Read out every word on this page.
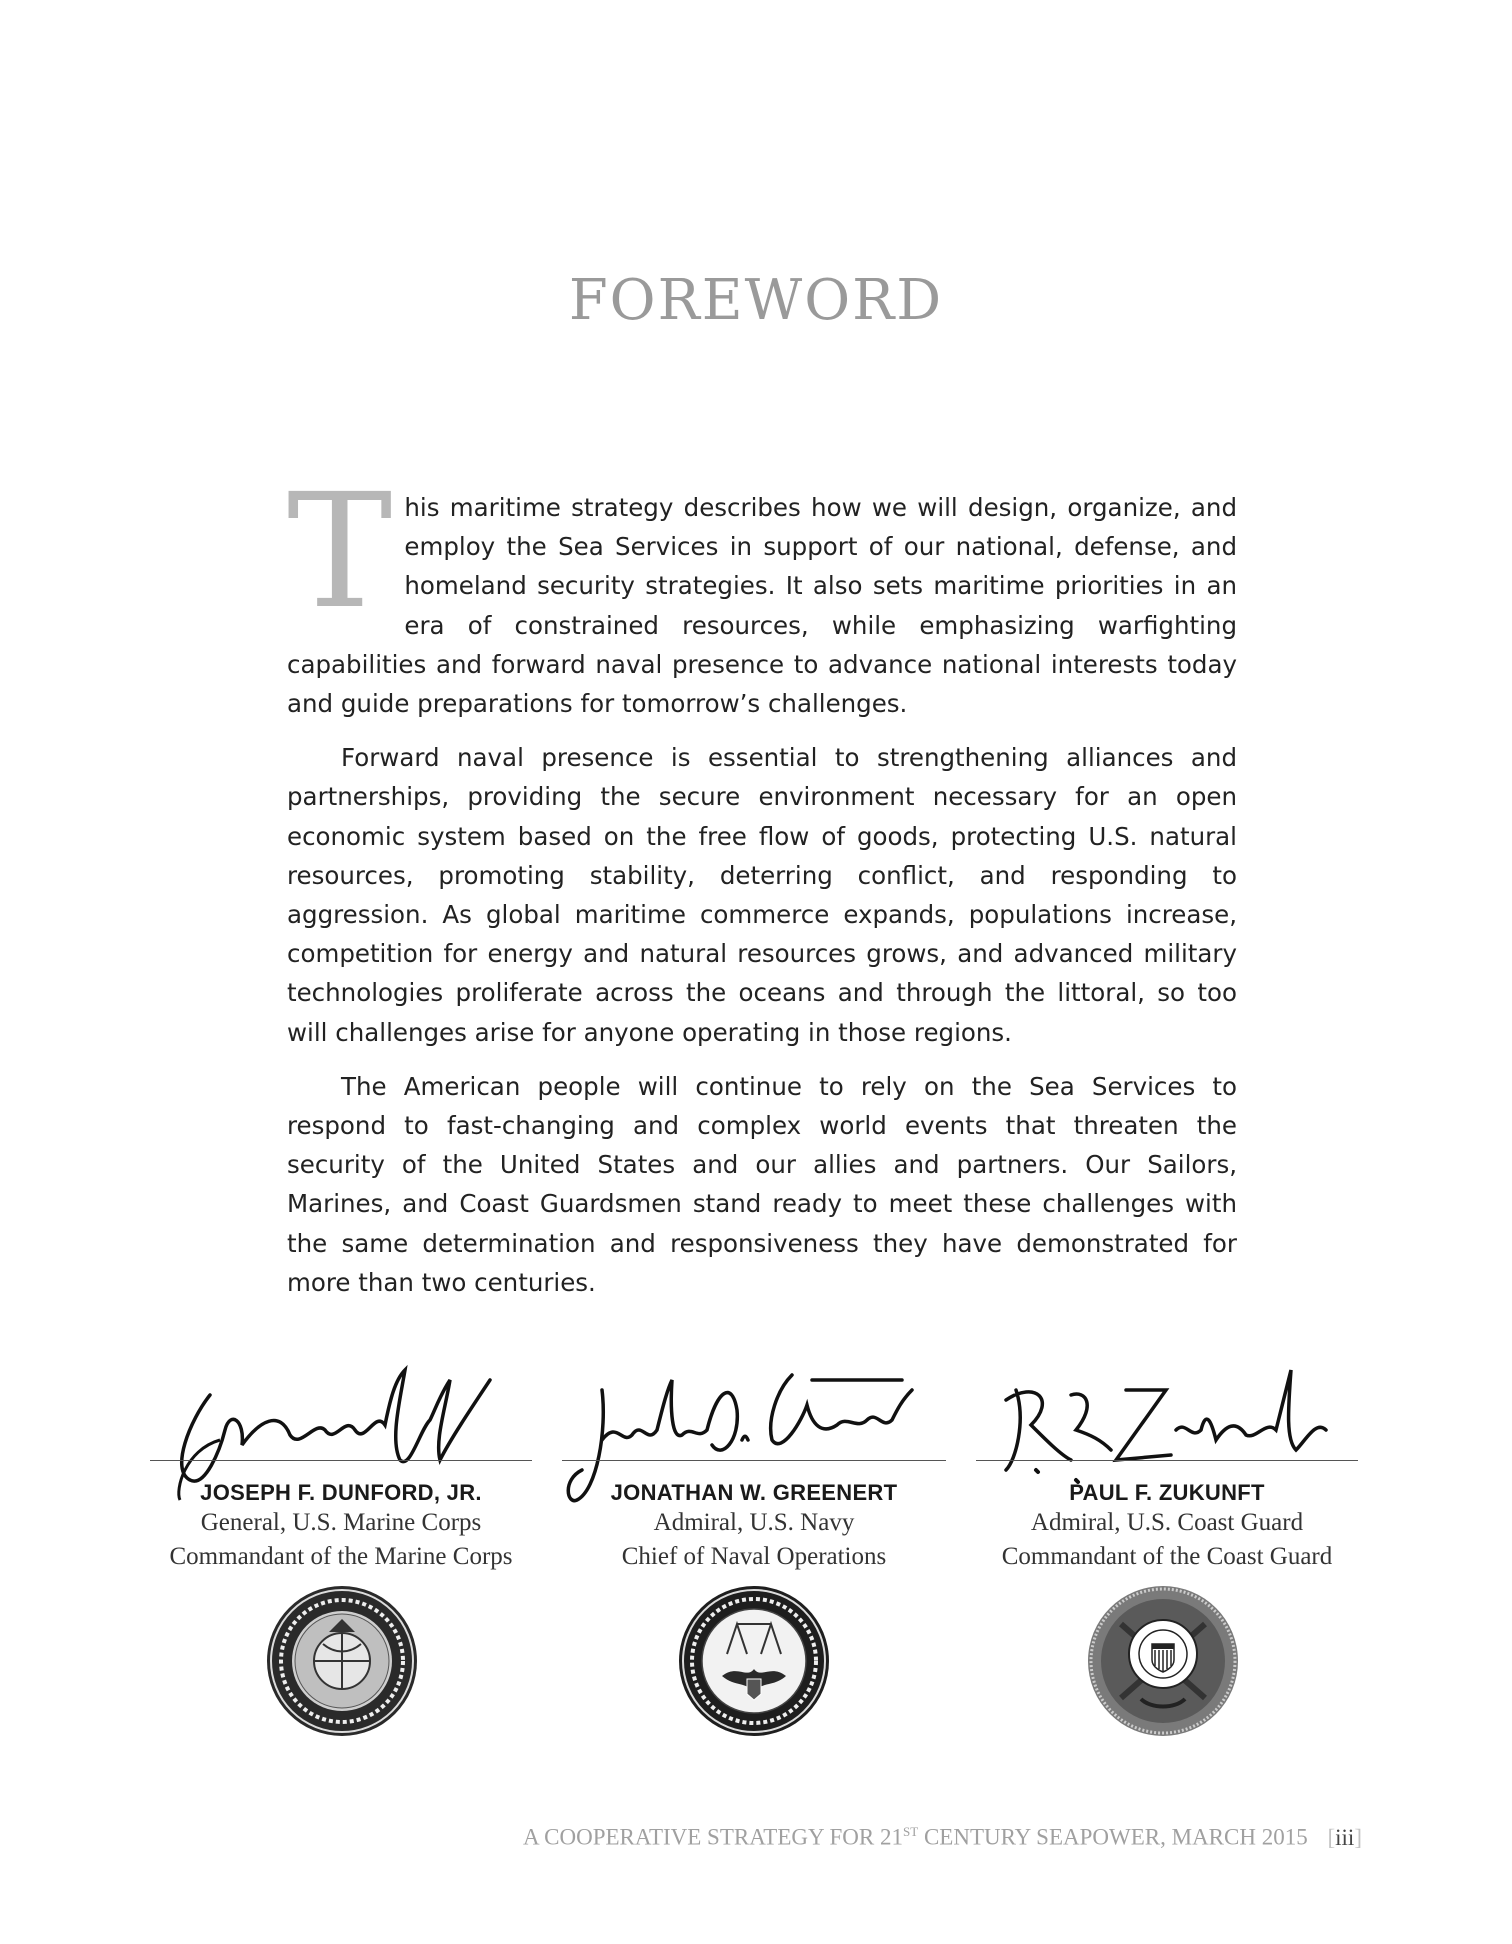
FOREWORD

This maritime strategy describes how we will design, organize, and employ the Sea Services in support of our national, defense, and homeland security strategies. It also sets maritime priorities in an era of constrained resources, while emphasizing warfighting capabilities and forward naval presence to advance national interests today and guide preparations for tomorrow’s challenges.

Forward naval presence is essential to strengthening alliances and partnerships, providing the secure environment necessary for an open economic system based on the free flow of goods, protecting U.S. natural resources, promoting stability, deterring conflict, and responding to aggression. As global maritime commerce expands, populations increase, competition for energy and natural resources grows, and advanced military technologies proliferate across the oceans and through the littoral, so too will challenges arise for anyone operating in those regions.

The American people will continue to rely on the Sea Services to respond to fast-changing and complex world events that threaten the security of the United States and our allies and partners. Our Sailors, Marines, and Coast Guardsmen stand ready to meet these challenges with the same determination and responsiveness they have demonstrated for more than two centuries.

JOSEPH F. DUNFORD, JR.
General, U.S. Marine Corps
Commandant of the Marine Corps
JONATHAN W. GREENERT
Admiral, U.S. Navy
Chief of Naval Operations
PAUL F. ZUKUNFT
Admiral, U.S. Coast Guard
Commandant of the Coast Guard
A COOPERATIVE STRATEGY FOR 21ST CENTURY SEAPOWER, MARCH 2015 [iii]
